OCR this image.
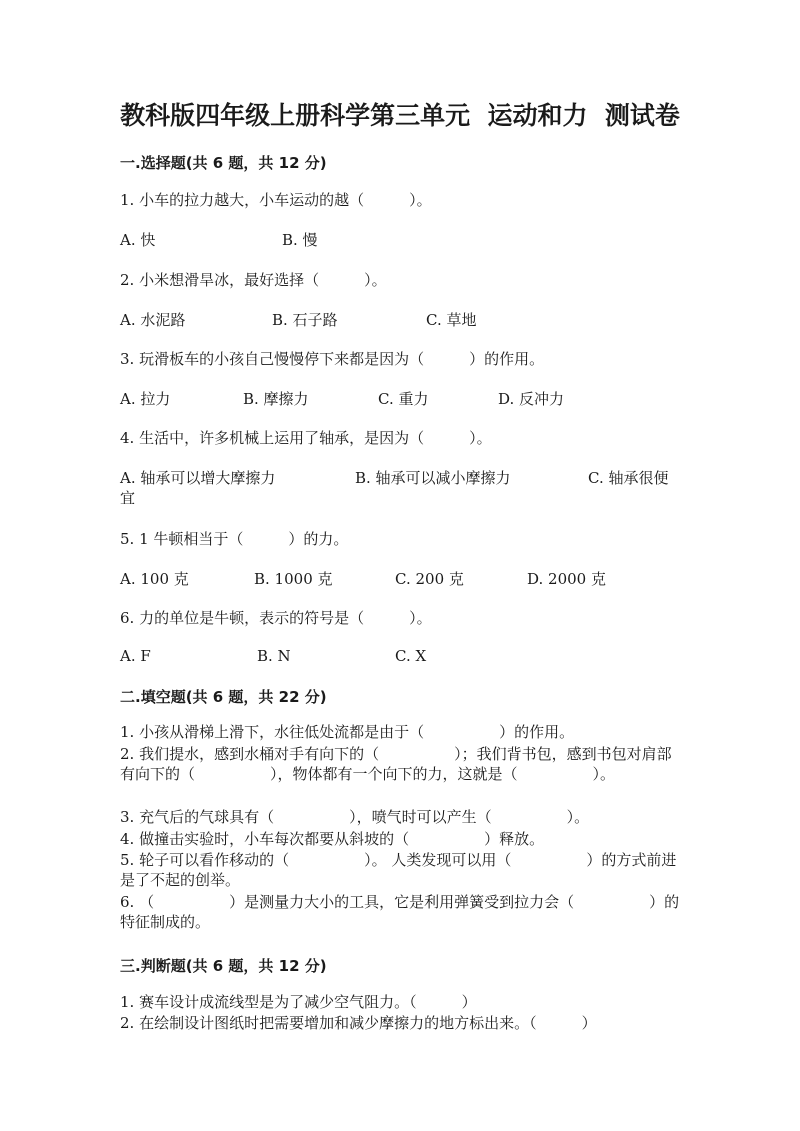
教科版四年级上册科学第三单元  运动和力  测试卷
一.选择题(共 6 题，共 12 分)
1. 小车的拉力越大，小车运动的越（　　　）。
A. 快	B. 慢
2. 小米想滑旱冰，最好选择（　　　）。
A. 水泥路	B. 石子路	C. 草地
3. 玩滑板车的小孩自己慢慢停下来都是因为（　　　）的作用。
A. 拉力	B. 摩擦力	C. 重力	D. 反冲力
4. 生活中，许多机械上运用了轴承，是因为（　　　）。
A. 轴承可以增大摩擦力	B. 轴承可以减小摩擦力	C. 轴承很便
宜
5. 1 牛顿相当于（　　　）的力。
A. 100 克	B. 1000 克	C. 200 克	D. 2000 克
6. 力的单位是牛顿，表示的符号是（　　　）。
A. F	B. N	C. X
二.填空题(共 6 题，共 22 分)
1. 小孩从滑梯上滑下，水往低处流都是由于（　　　　　）的作用。
2. 我们提水，感到水桶对手有向下的（　　　　　）；我们背书包，感到书包对肩部有向下的（　　　　　），物体都有一个向下的力，这就是（　　　　　）。
3. 充气后的气球具有（　　　　　），喷气时可以产生（　　　　　）。
4. 做撞击实验时，小车每次都要从斜坡的（　　　　　）释放。
5. 轮子可以看作移动的（　　　　　）。 人类发现可以用（　　　　　）的方式前进是了不起的创举。
6. （　　　　　）是测量力大小的工具，它是利用弹簧受到拉力会（　　　　　）的特征制成的。
三.判断题(共 6 题，共 12 分)
1. 赛车设计成流线型是为了减少空气阻力。（　　　）
2. 在绘制设计图纸时把需要增加和减少摩擦力的地方标出来。（　　　）
